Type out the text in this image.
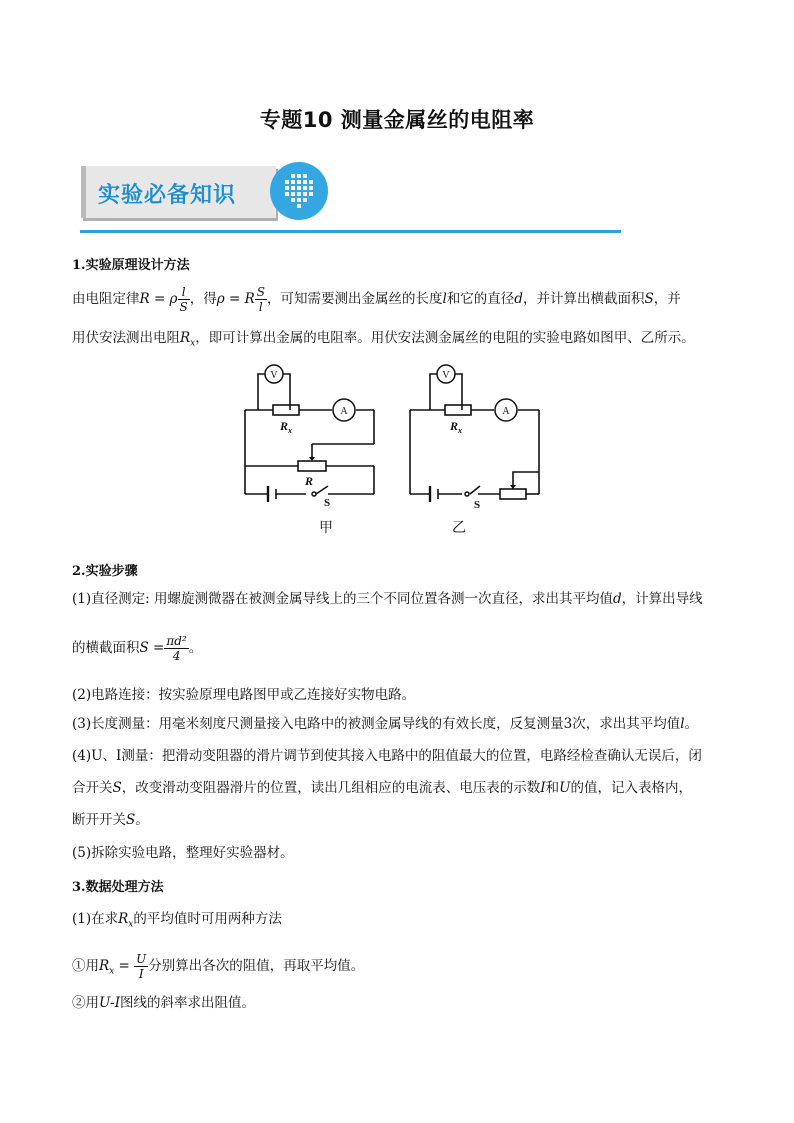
专题10 测量金属丝的电阻率
实验必备知识
1.实验原理设计方法
由电阻定律R = ρ $\frac{l}{S}$ ，得ρ = R $\frac{S}{l}$ ，可知需要测出金属丝的长度l和它的直径d，并计算出横截面积S，并
用伏安法测出电阻$R_x$，即可计算出金属的电阻率。用伏安法测金属丝的电阻的实验电路如图甲、乙所示。
V
A
V
A
$R_x$	$R_x$
R
S	S
甲	乙
2.实验步骤
(1)直径测定: 用螺旋测微器在被测金属导线上的三个不同位置各测一次直径，求出其平均值d，计算出导线
的横截面积$S = \frac{\text{πd²}}{4}$ 。
(2)电路连接：按实验原理电路图甲或乙连接好实物电路。
(3)长度测量：用毫米刻度尺测量接入电路中的被测金属导线的有效长度，反复测量3次，求出其平均值l。
(4)U、I测量：把滑动变阻器的滑片调节到使其接入电路中的阻值最大的位置，电路经检查确认无误后，闭
合开关S，改变滑动变阻器滑片的位置，读出几组相应的电流表、电压表的示数I和U的值，记入表格内，
断开开关S。
(5)拆除实验电路，整理好实验器材。
3.数据处理方法
(1)在求$R_x$的平均值时可用两种方法
①用$R_x = \frac{U}{I}$ 分别算出各次的阻值，再取平均值。
②用U-I图线的斜率求出阻值。
